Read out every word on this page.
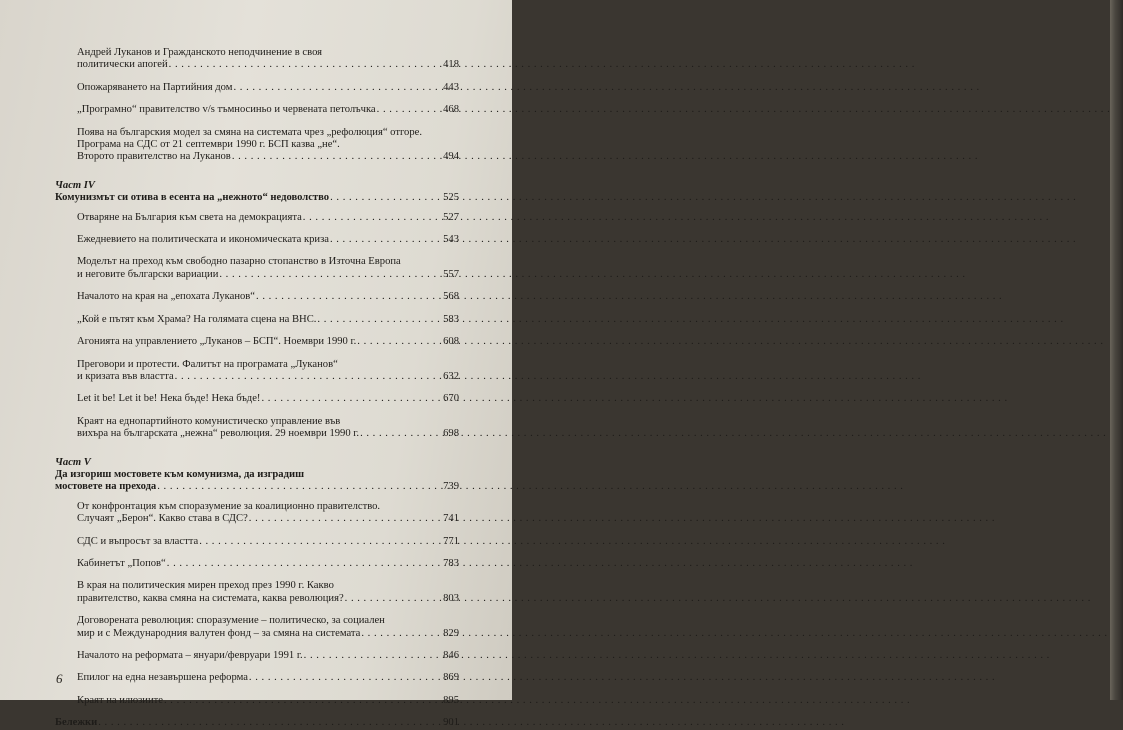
Андрей Луканов и Гражданското неподчинение в своя
политически апогей . . .	418
Опожаряването на Партийния дом . . .	443
„Програмно“ правителство v/s тъмносиньо и червената петолъчка . . .	468
Поява на българския модел за смяна на системата чрез „рефолюция“ отгоре.
Програма на СДС от 21 септември 1990 г. БСП казва „не“.
Второто правителство на Луканов . . .	494
Част IV
Комунизмът си отива в есента на „нежното“ недоволство . . .	525
Отваряне на България към света на демокрацията . . .	527
Ежедневието на политическата и икономическата криза . . .	543
Моделът на преход към свободно пазарно стопанство в Източна Европа
и неговите български вариации . . .	557
Началото на края на „епохата Луканов“ . . .	568
„Кой е пътят към Храма? На голямата сцена на ВНС. . . .	583
Агонията на управлението „Луканов – БСП“. Ноември 1990 г. . . .	608
Преговори и протести. Фалитът на програмата „Луканов“
и кризата във властта . . .	632
Let it be! Let it be! Нека бъде! Нека бъде! . . .	670
Краят на еднопартийното комунистическо управление във
вихъра на българската „нежна“ революция. 29 ноември 1990 г. . . .	698
Част V
Да изгориш мостовете към комунизма, да изградиш
мостовете на прехода . . .	739
От конфронтация към споразумение за коалиционно правителство.
Случаят „Берон“. Какво става в СДС? . . .	741
СДС и въпросът за властта . . .	771
Кабинетът „Попов“ . . .	783
В края на политическия мирен преход през 1990 г. Какво
правителство, каква смяна на системата, каква революция? . . .	803
Договорената революция: споразумение – политическо, за социален
мир и с Международния валутен фонд – за смяна на системата . . .	829
Началото на реформата – януари/февруари 1991 г. . . .	846
Епилог на една незавършена реформа . . .	869
Краят на илюзиите . . .	895
Бележки . . .	901
6
